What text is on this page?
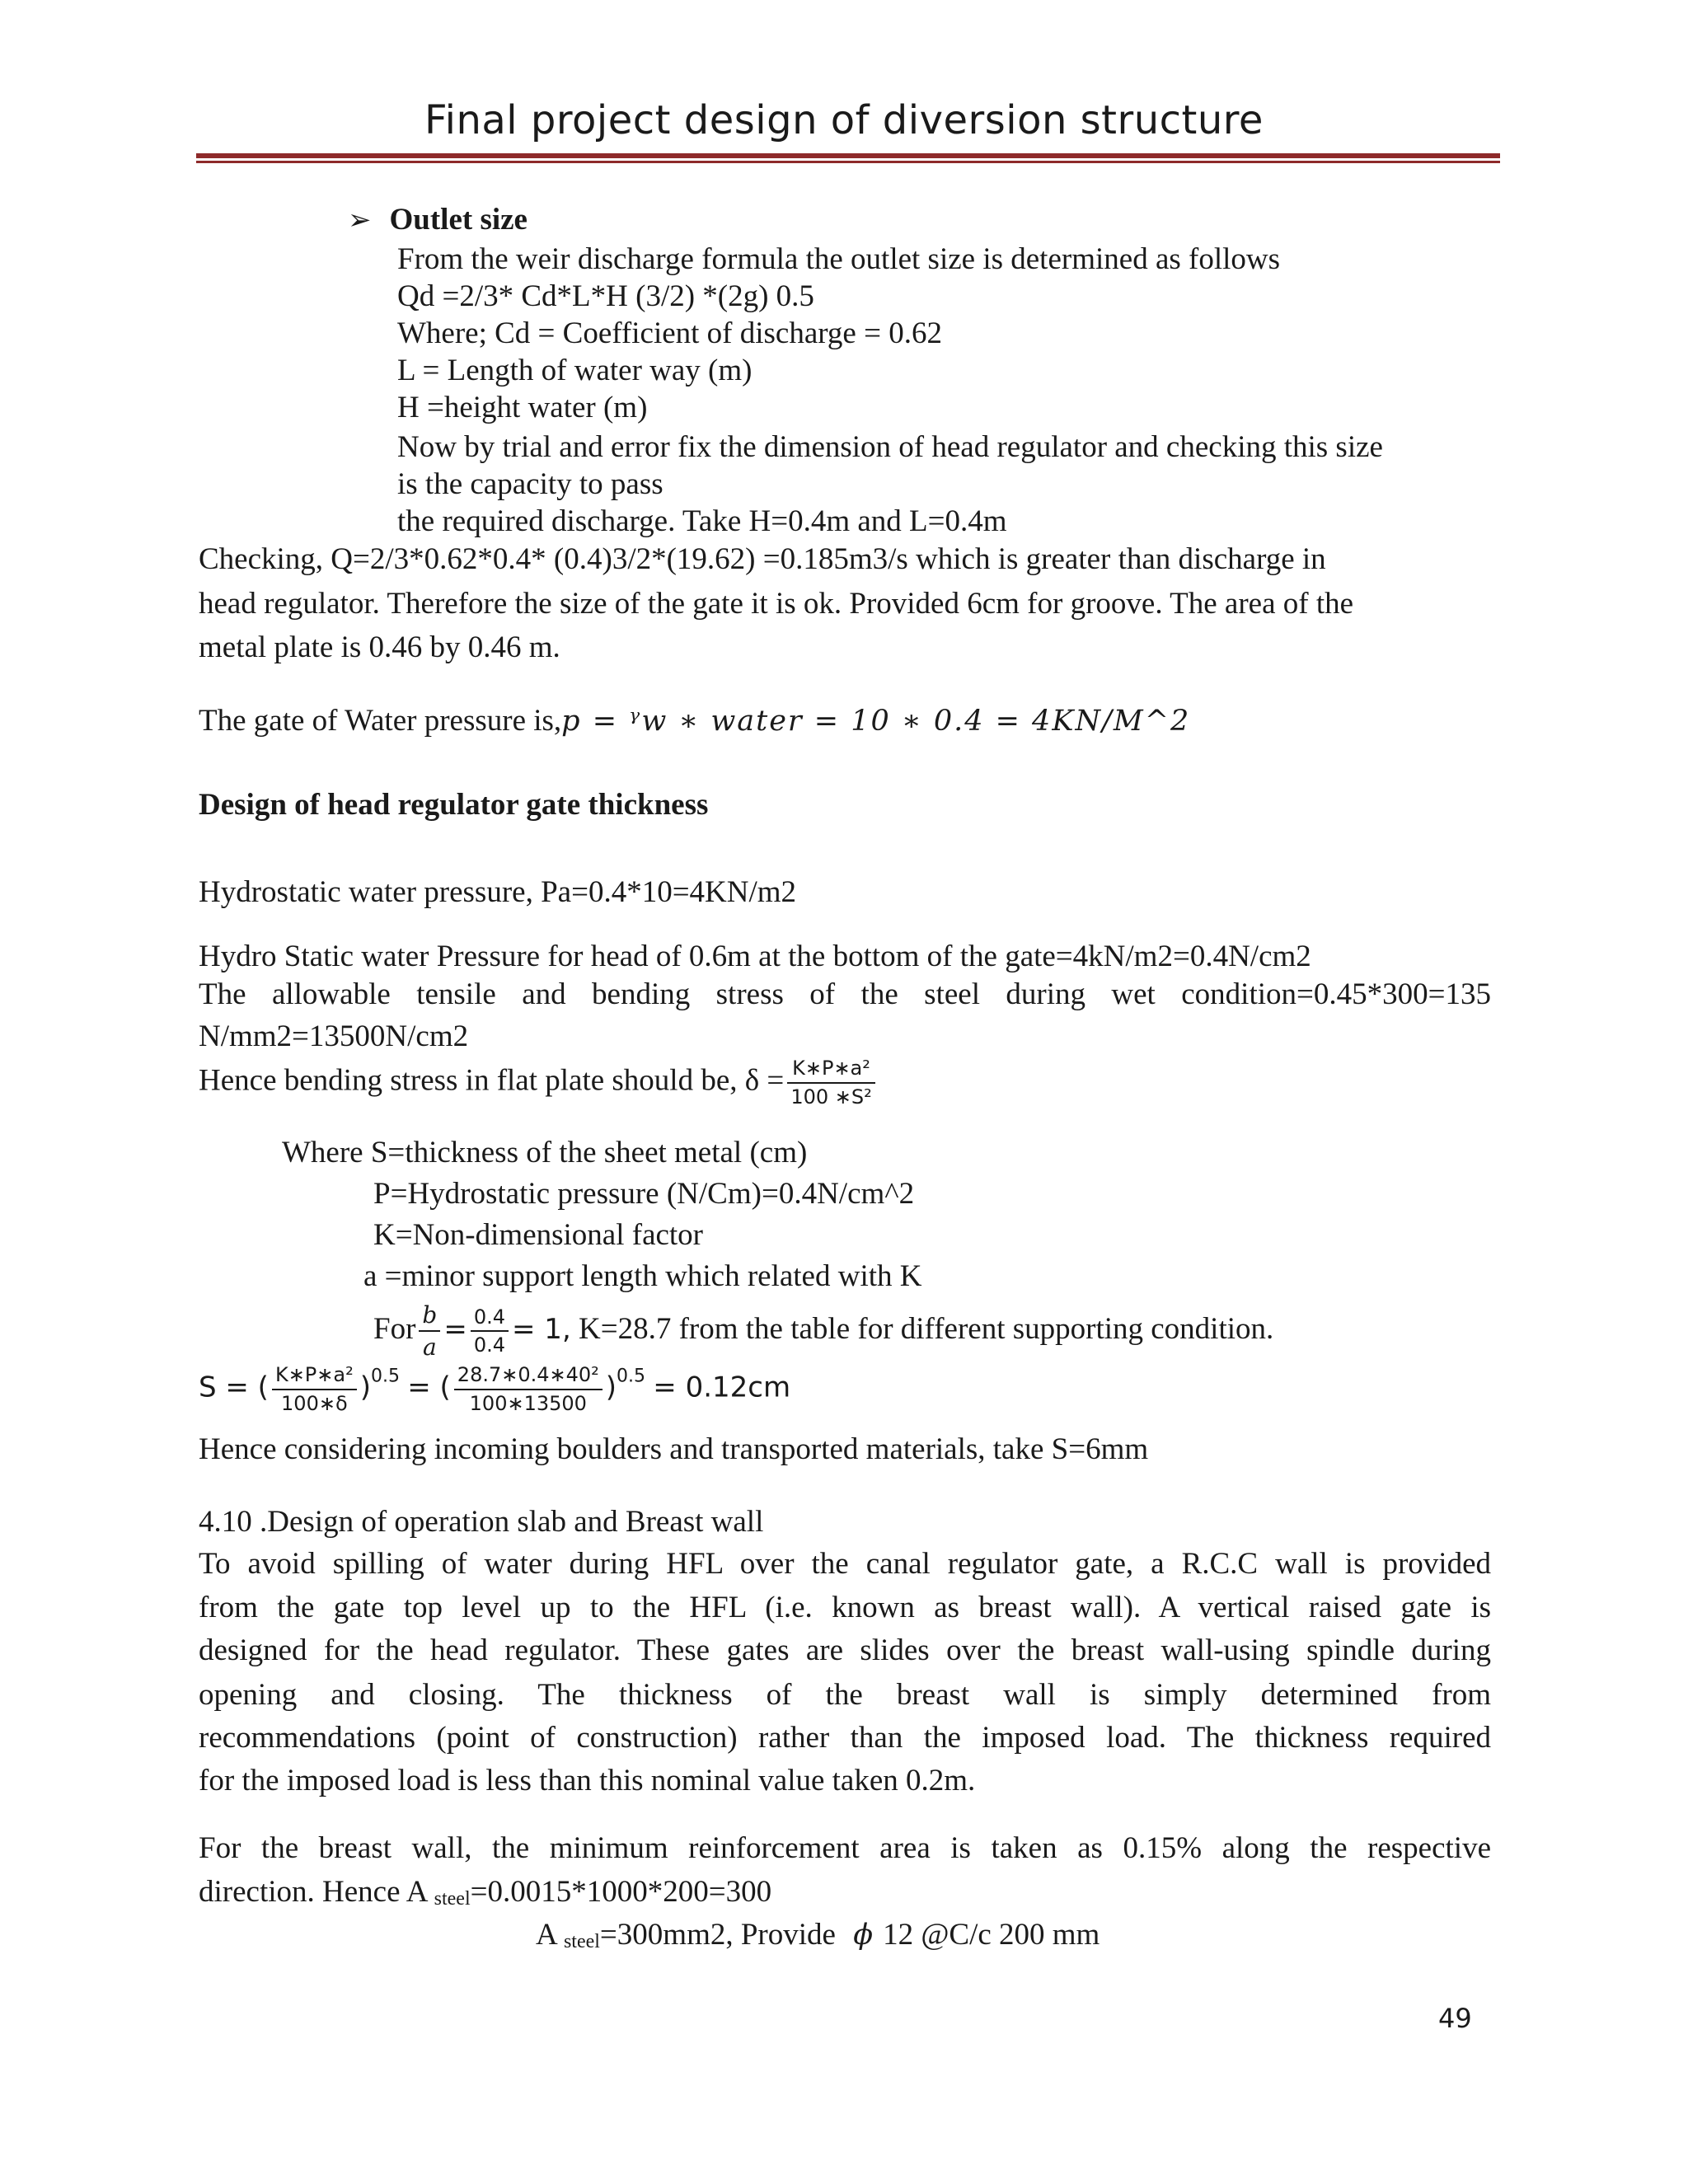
Final project design of diversion structure
➢ Outlet size
From the weir discharge formula the outlet size is determined as follows
Qd =2/3* Cd*L*H (3/2) *(2g) 0.5
Where; Cd = Coefficient of discharge = 0.62
L = Length of water way (m)
H =height water (m)
Now by trial and error fix the dimension of head regulator and checking this size
is the capacity to pass
the required discharge. Take H=0.4m and L=0.4m
Checking, Q=2/3*0.62*0.4* (0.4)3/2*(19.62) =0.185m3/s which is greater than discharge in
head regulator. Therefore the size of the gate it is ok. Provided 6cm for groove. The area of the
metal plate is 0.46 by 0.46 m.
The gate of Water pressure is,p = ᵞw ∗ water = 10 ∗ 0.4 = 4KN/M^2
Design of head regulator gate thickness
Hydrostatic water pressure, Pa=0.4*10=4KN/m2
Hydro Static water Pressure for head of 0.6m at the bottom of the gate=4kN/m2=0.4N/cm2
The allowable tensile and bending stress of the steel during wet condition=0.45*300=135
N/mm2=13500N/cm2
Hence bending stress in flat plate should be, $\delta = \frac{\text{K∗P∗a²}}{\text{100 ∗S²}}$
Where S=thickness of the sheet metal (cm)
P=Hydrostatic pressure (N/Cm)=0.4N/cm^2
K=Non-dimensional factor
a =minor support length which related with K
For $\frac{b}{a} = \frac{0.4}{0.4} = 1$, K=28.7 from the table for different supporting condition.
S = ( $\frac{\text{K∗P∗a²}}{100∗\delta} )^{0.5}$ = ( $\frac{\text{28.7∗0.4∗40²}}{100∗13500} )^{0.5} = 0.12cm$
Hence considering incoming boulders and transported materials, take S=6mm
4.10 .Design of operation slab and Breast wall
To avoid spilling of water during HFL over the canal regulator gate, a R.C.C wall is provided
from the gate top level up to the HFL (i.e. known as breast wall). A vertical raised gate is
designed for the head regulator. These gates are slides over the breast wall-using spindle during
opening and closing. The thickness of the breast wall is simply determined from
recommendations (point of construction) rather than the imposed load. The thickness required
for the imposed load is less than this nominal value taken 0.2m.
For the breast wall, the minimum reinforcement area is taken as 0.15% along the respective
direction. Hence A steel=0.0015*1000*200=300
A steel=300mm2, Provide ϕ 12 @C/c 200 mm
49
